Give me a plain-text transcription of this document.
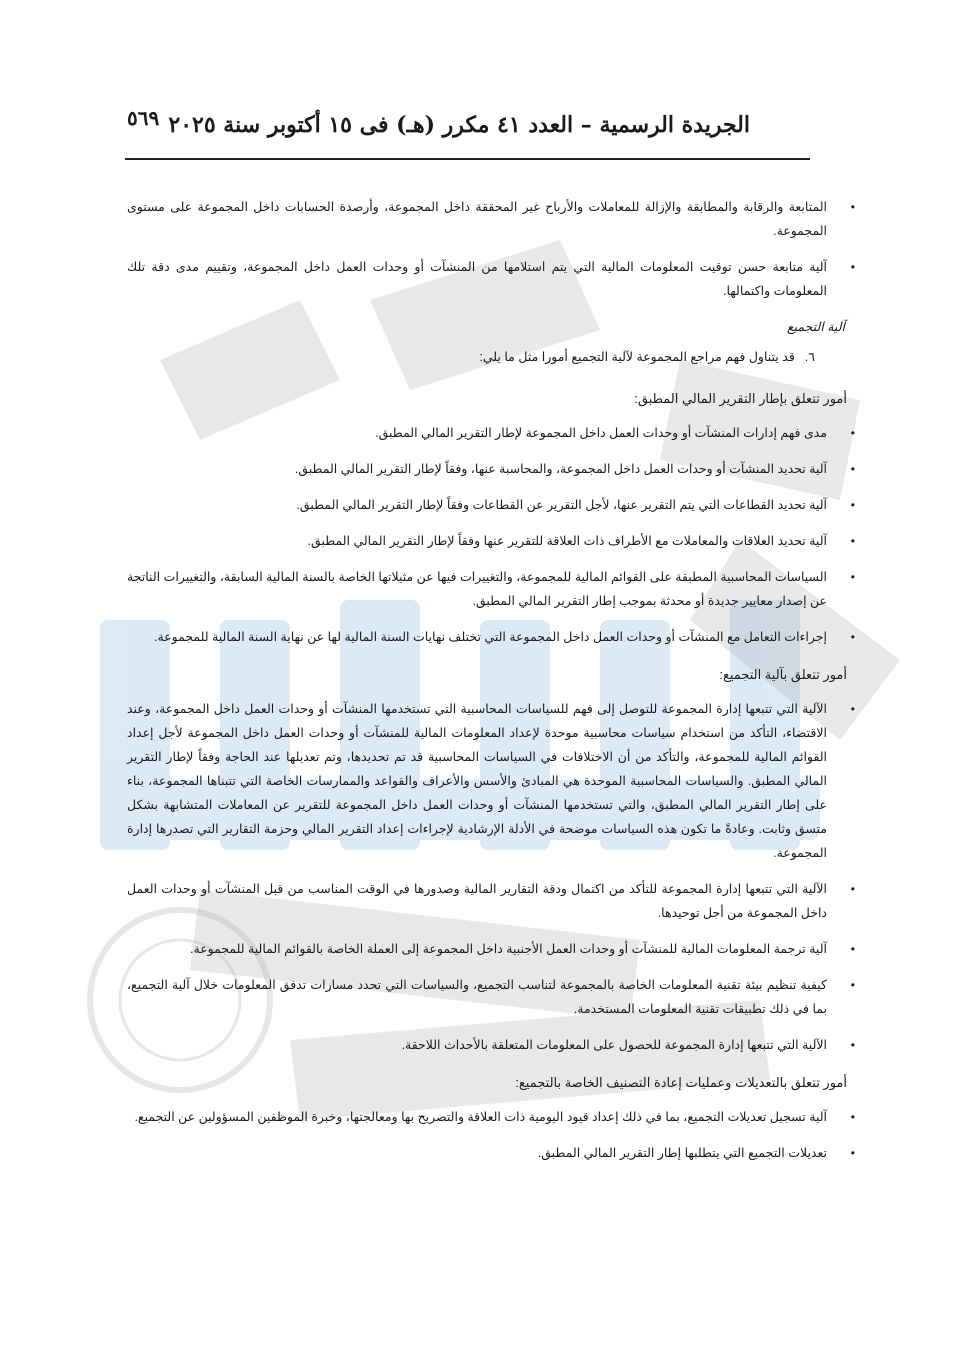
الجريدة الرسمية – العدد ٤١ مكرر (هـ) فى ١٥ أكتوبر سنة ٢٠٢٥
٥٦٩
•
المتابعة والرقابة والمطابقة والإزالة للمعاملات والأرباح غير المحققة داخل المجموعة، وأرصدة الحسابات داخل المجموعة على مستوى المجموعة.
•
آلية متابعة حسن توقيت المعلومات المالية التي يتم استلامها من المنشآت أو وحدات العمل داخل المجموعة، وتقييم مدى دقة تلك المعلومات واكتمالها.
آلية التجميع
٦.قد يتناول فهم مراجع المجموعة لآلية التجميع أمورا مثل ما يلي:
أمور تتعلق بإطار التقرير المالي المطبق:
•
مدى فهم إدارات المنشآت أو وحدات العمل داخل المجموعة لإطار التقرير المالي المطبق.
•
آلية تحديد المنشآت أو وحدات العمل داخل المجموعة، والمحاسبة عنها، وفقاً لإطار التقرير المالي المطبق.
•
آلية تحديد القطاعات التي يتم التقرير عنها، لأجل التقرير عن القطاعات وفقاً لإطار التقرير المالي المطبق.
•
آلية تحديد العلاقات والمعاملات مع الأطراف ذات العلاقة للتقرير عنها وفقاً لإطار التقرير المالي المطبق.
•
السياسات المحاسبية المطبقة على القوائم المالية للمجموعة، والتغييرات فيها عن مثيلاتها الخاصة بالسنة المالية السابقة، والتغييرات الناتجة عن إصدار معايير جديدة أو محدثة بموجب إطار التقرير المالي المطبق.
•
إجراءات التعامل مع المنشآت أو وحدات العمل داخل المجموعة التي تختلف نهايات السنة المالية لها عن نهاية السنة المالية للمجموعة.
أمور تتعلق بآلية التجميع:
•
الآلية التي تتبعها إدارة المجموعة للتوصل إلى فهم للسياسات المحاسبية التي تستخدمها المنشآت أو وحدات العمل داخل المجموعة، وعند الاقتضاء، التأكد من استخدام سياسات محاسبية موحدة لإعداد المعلومات المالية للمنشآت أو وحدات العمل داخل المجموعة لأجل إعداد القوائم المالية للمجموعة، والتأكد من أن الاختلافات في السياسات المحاسبية قد تم تحديدها، وتم تعديلها عند الحاجة وفقاً لإطار التقرير المالي المطبق. والسياسات المحاسبية الموحدة هي المبادئ والأسس والأعراف والقواعد والممارسات الخاصة التي تتبناها المجموعة، بناء على إطار التقرير المالي المطبق، والتي تستخدمها المنشآت أو وحدات العمل داخل المجموعة للتقرير عن المعاملات المتشابهة بشكل متسق وثابت. وعادةً ما تكون هذه السياسات موضحة في الأدلة الإرشادية لإجراءات إعداد التقرير المالي وحزمة التقارير التي تصدرها إدارة المجموعة.
•
الآلية التي تتبعها إدارة المجموعة للتأكد من اكتمال ودقة التقارير المالية وصدورها في الوقت المناسب من قبل المنشآت أو وحدات العمل داخل المجموعة من أجل توحيدها.
•
آلية ترجمة المعلومات المالية للمنشآت أو وحدات العمل الأجنبية داخل المجموعة إلى العملة الخاصة بالقوائم المالية للمجموعة.
•
كيفية تنظيم بيئة تقنية المعلومات الخاصة بالمجموعة لتناسب التجميع، والسياسات التي تحدد مسارات تدفق المعلومات خلال آلية التجميع، بما في ذلك تطبيقات تقنية المعلومات المستخدمة.
•
الآلية التي تتبعها إدارة المجموعة للحصول على المعلومات المتعلقة بالأحداث اللاحقة.
أمور تتعلق بالتعديلات وعمليات إعادة التصنيف الخاصة بالتجميع:
•
آلية تسجيل تعديلات التجميع، بما في ذلك إعداد قيود اليومية ذات العلاقة والتصريح بها ومعالجتها، وخبرة الموظفين المسؤولين عن التجميع.
•
تعديلات التجميع التي يتطلبها إطار التقرير المالي المطبق.
